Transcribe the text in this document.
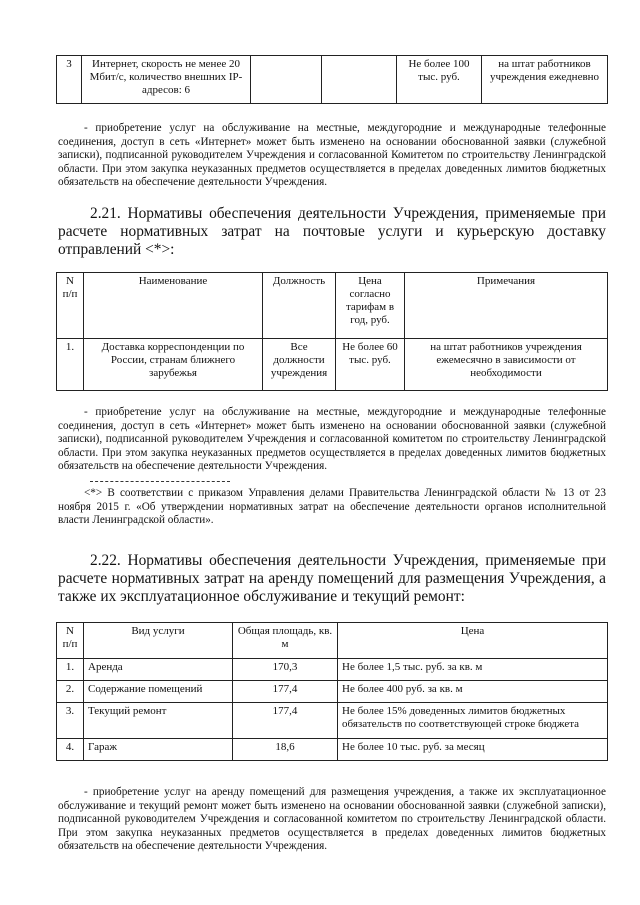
3	Интернет, скорость не менее 20 Мбит/с, количество внешних IP-адресов: 6			Не более 100 тыс. руб.	на штат работников учреждения ежедневно
- приобретение услуг на обслуживание на местные, междугородние и международные телефонные соединения, доступ в сеть «Интернет» может быть изменено на основании обоснованной заявки (служебной записки), подписанной руководителем Учреждения и согласованной Комитетом по строительству Ленинградской области. При этом закупка неуказанных предметов осуществляется в пределах доведенных лимитов бюджетных обязательств на обеспечение деятельности Учреждения.
2.21. Нормативы обеспечения деятельности Учреждения, применяемые при расчете нормативных затрат на почтовые услуги и курьерскую доставку отправлений <*>:
N п/п	Наименование	Должность	Цена согласно тарифам в год, руб.	Примечания
1.	Доставка корреспонденции по России, странам ближнего зарубежья	Все должности учреждения	Не более 60 тыс. руб.	на штат работников учреждения ежемесячно в зависимости от необходимости
- приобретение услуг на обслуживание на местные, междугородние и международные телефонные соединения, доступ в сеть «Интернет» может быть изменено на основании обоснованной заявки (служебной записки), подписанной руководителем Учреждения и согласованной комитетом по строительству Ленинградской области. При этом закупка неуказанных предметов осуществляется в пределах доведенных лимитов бюджетных обязательств на обеспечение деятельности Учреждения.
<*> В соответствии с приказом Управления делами Правительства Ленинградской области № 13 от 23 ноября 2015 г. «Об утверждении нормативных затрат на обеспечение деятельности органов исполнительной власти Ленинградской области».
2.22. Нормативы обеспечения деятельности Учреждения, применяемые при расчете нормативных затрат на аренду помещений для размещения Учреждения, а также их эксплуатационное обслуживание и текущий ремонт:
N п/п	Вид услуги	Общая площадь, кв. м	Цена
1.	Аренда	170,3	Не более 1,5 тыс. руб. за кв. м
2.	Содержание помещений	177,4	Не более 400 руб. за кв. м
3.	Текущий ремонт	177,4	Не более 15% доведенных лимитов бюджетных обязательств по соответствующей строке бюджета
4.	Гараж	18,6	Не более 10 тыс. руб. за месяц
- приобретение услуг на аренду помещений для размещения учреждения, а также их эксплуатационное обслуживание и текущий ремонт может быть изменено на основании обоснованной заявки (служебной записки), подписанной руководителем Учреждения и согласованной комитетом по строительству Ленинградской области. При этом закупка неуказанных предметов осуществляется в пределах доведенных лимитов бюджетных обязательств на обеспечение деятельности Учреждения.
